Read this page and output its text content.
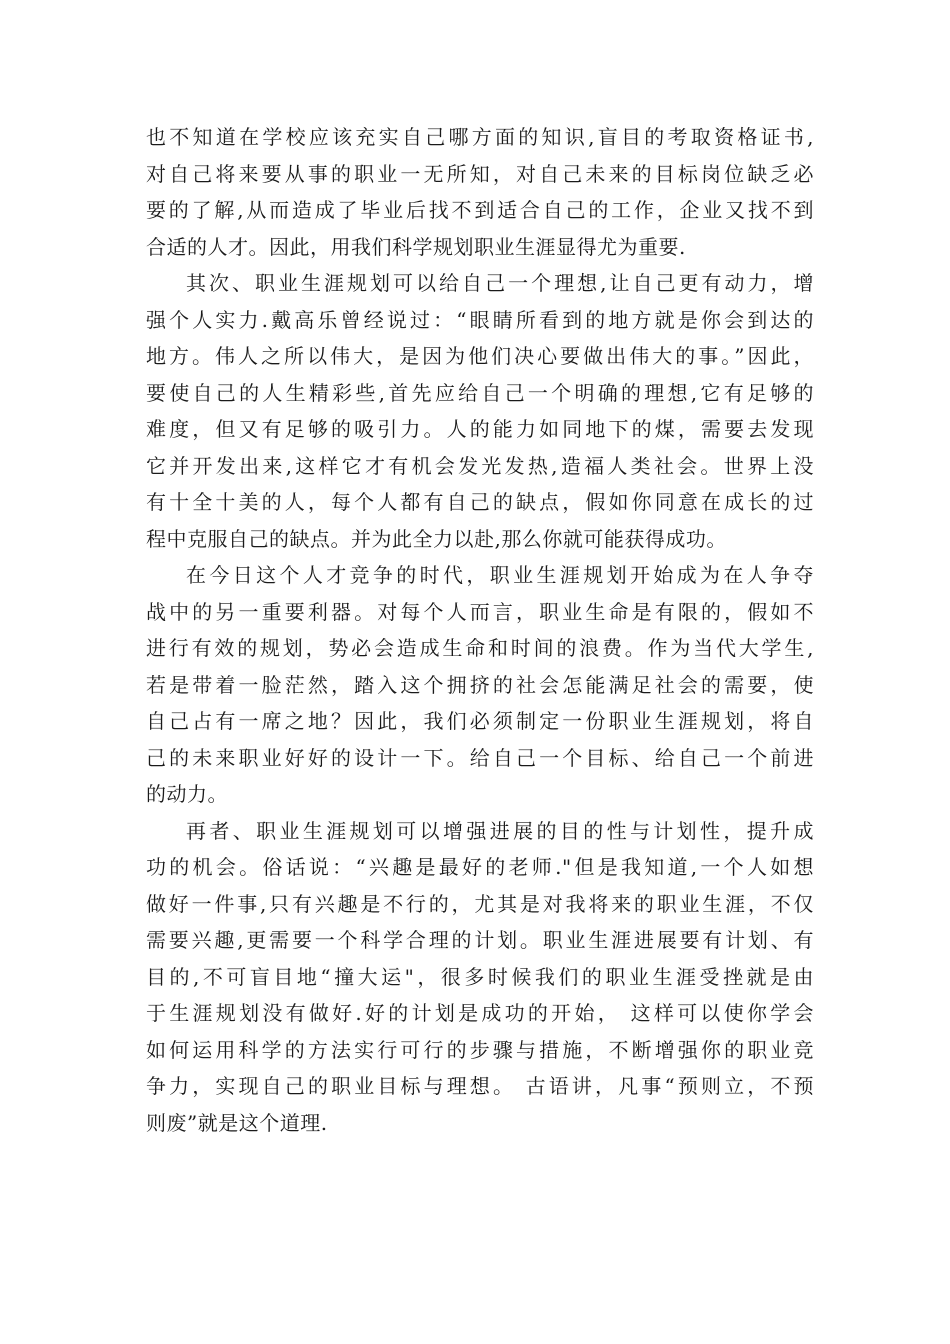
也不知道在学校应该充实自己哪方面的知识,盲目的考取资格证书,
对自己将来要从事的职业一无所知，对自己未来的目标岗位缺乏必
要的了解,从而造成了毕业后找不到适合自己的工作，企业又找不到
合适的人才。因此，用我们科学规划职业生涯显得尤为重要.
其次、职业生涯规划可以给自己一个理想,让自己更有动力，增
强个人实力.戴高乐曾经说过：“眼睛所看到的地方就是你会到达的
地方。伟人之所以伟大，是因为他们决心要做出伟大的事。”因此，
要使自己的人生精彩些,首先应给自己一个明确的理想,它有足够的
难度，但又有足够的吸引力。人的能力如同地下的煤，需要去发现
它并开发出来,这样它才有机会发光发热,造福人类社会。世界上没
有十全十美的人，每个人都有自己的缺点，假如你同意在成长的过
程中克服自己的缺点。并为此全力以赴,那么你就可能获得成功。
在今日这个人才竞争的时代，职业生涯规划开始成为在人争夺
战中的另一重要利器。对每个人而言，职业生命是有限的，假如不
进行有效的规划，势必会造成生命和时间的浪费。作为当代大学生,
若是带着一脸茫然，踏入这个拥挤的社会怎能满足社会的需要，使
自己占有一席之地？因此，我们必须制定一份职业生涯规划，将自
己的未来职业好好的设计一下。给自己一个目标、给自己一个前进
的动力。
再者、职业生涯规划可以增强进展的目的性与计划性，提升成
功的机会。俗话说：“兴趣是最好的老师."但是我知道,一个人如想
做好一件事,只有兴趣是不行的，尤其是对我将来的职业生涯，不仅
需要兴趣,更需要一个科学合理的计划。职业生涯进展要有计划、有
目的,不可盲目地“撞大运"，很多时候我们的职业生涯受挫就是由
于生涯规划没有做好.好的计划是成功的开始， 这样可以使你学会
如何运用科学的方法实行可行的步骤与措施，不断增强你的职业竞
争力，实现自己的职业目标与理想。 古语讲，凡事“预则立，不预
则废”就是这个道理.
